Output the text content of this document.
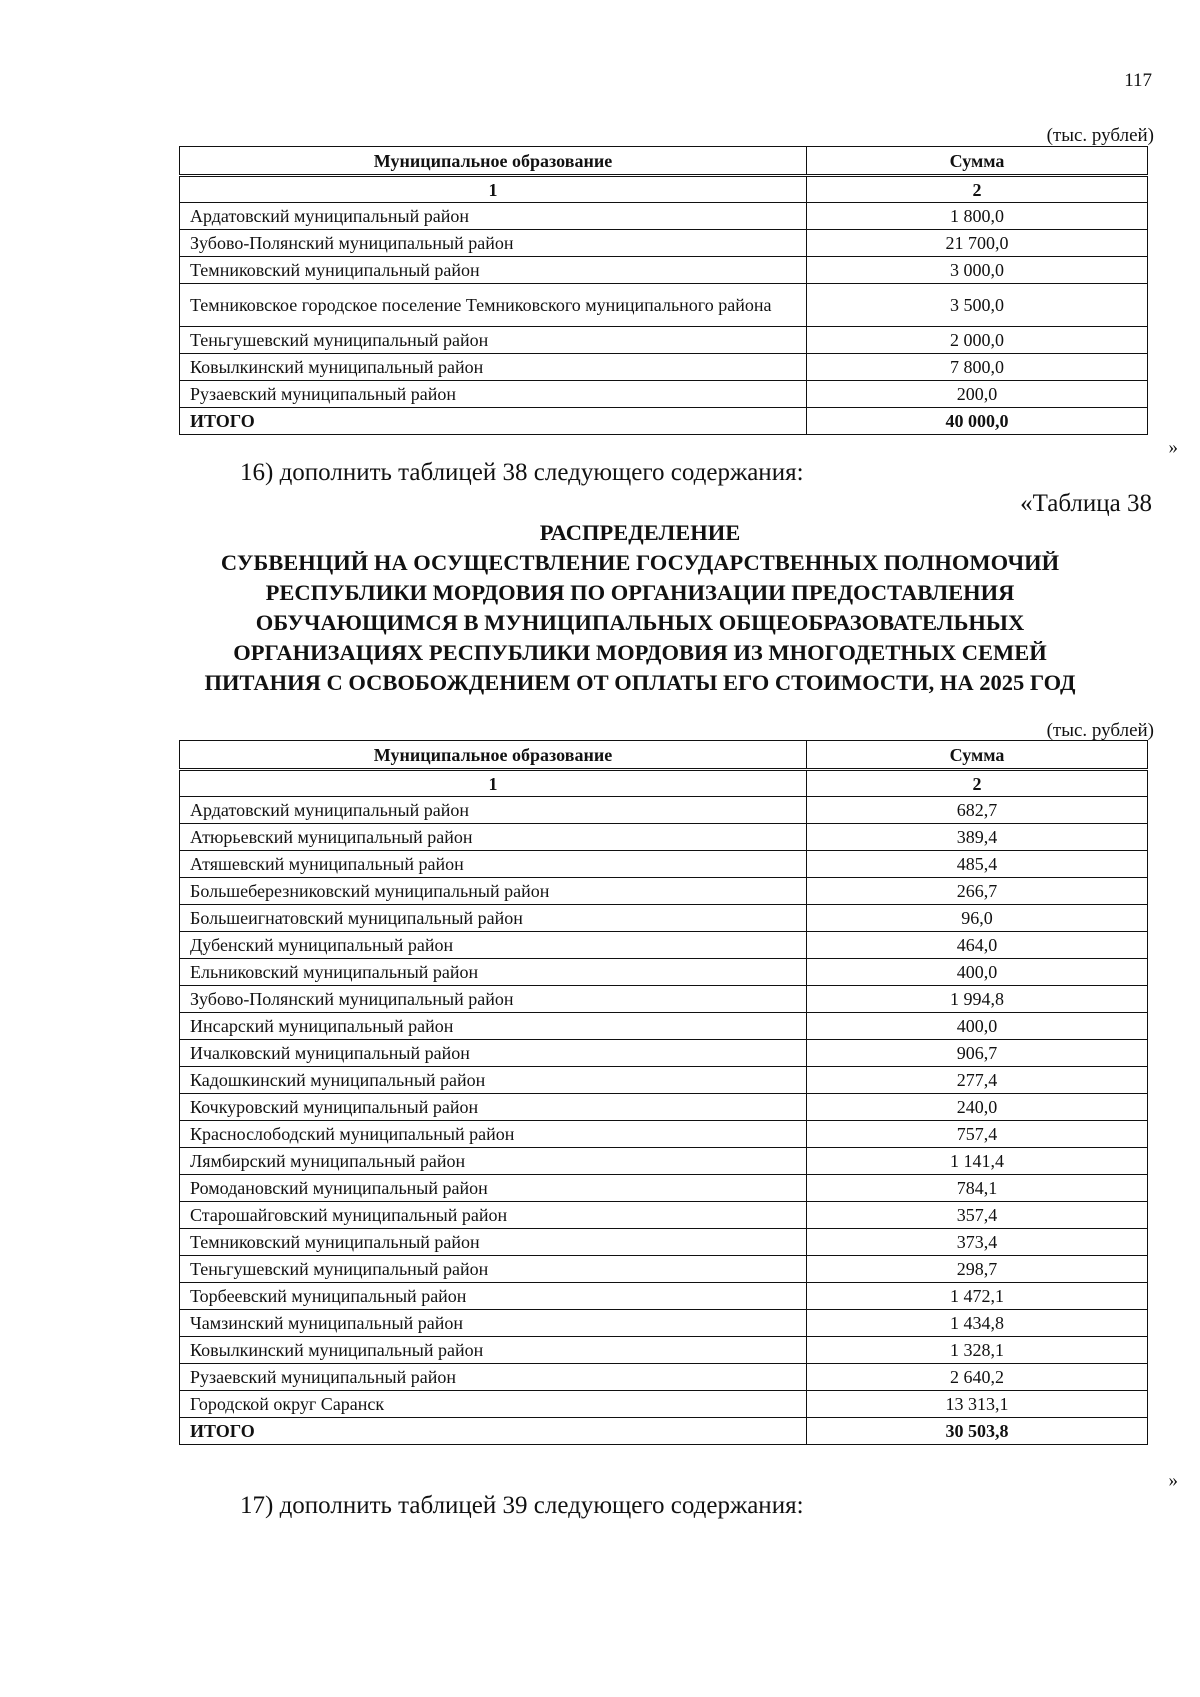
117
(тыс. рублей)
Муниципальное образование	Сумма
1	2
Ардатовский муниципальный район	1 800,0
Зубово-Полянский муниципальный район	21 700,0
Темниковский муниципальный район	3 000,0
Темниковское городское поселение Темниковского муниципального района	3 500,0
Теньгушевский муниципальный район	2 000,0
Ковылкинский муниципальный район	7 800,0
Рузаевский муниципальный район	200,0
ИТОГО	40 000,0
»
16) дополнить таблицей 38 следующего содержания:
«Таблица 38
РАСПРЕДЕЛЕНИЕ
СУБВЕНЦИЙ НА ОСУЩЕСТВЛЕНИЕ ГОСУДАРСТВЕННЫХ ПОЛНОМОЧИЙ
РЕСПУБЛИКИ МОРДОВИЯ ПО ОРГАНИЗАЦИИ ПРЕДОСТАВЛЕНИЯ
ОБУЧАЮЩИМСЯ В МУНИЦИПАЛЬНЫХ ОБЩЕОБРАЗОВАТЕЛЬНЫХ
ОРГАНИЗАЦИЯХ РЕСПУБЛИКИ МОРДОВИЯ ИЗ МНОГОДЕТНЫХ СЕМЕЙ
ПИТАНИЯ С ОСВОБОЖДЕНИЕМ ОТ ОПЛАТЫ ЕГО СТОИМОСТИ, НА 2025 ГОД
(тыс. рублей)
Муниципальное образование	Сумма
1	2
Ардатовский муниципальный район	682,7
Атюрьевский муниципальный район	389,4
Атяшевский муниципальный район	485,4
Большеберезниковский муниципальный район	266,7
Большеигнатовский муниципальный район	96,0
Дубенский муниципальный район	464,0
Ельниковский муниципальный район	400,0
Зубово-Полянский муниципальный район	1 994,8
Инсарский муниципальный район	400,0
Ичалковский муниципальный район	906,7
Кадошкинский муниципальный район	277,4
Кочкуровский муниципальный район	240,0
Краснослободский муниципальный район	757,4
Лямбирский муниципальный район	1 141,4
Ромодановский муниципальный район	784,1
Старошайговский муниципальный район	357,4
Темниковский муниципальный район	373,4
Теньгушевский муниципальный район	298,7
Торбеевский муниципальный район	1 472,1
Чамзинский муниципальный район	1 434,8
Ковылкинский муниципальный район	1 328,1
Рузаевский муниципальный район	2 640,2
Городской округ Саранск	13 313,1
ИТОГО	30 503,8
»
17) дополнить таблицей 39 следующего содержания:
